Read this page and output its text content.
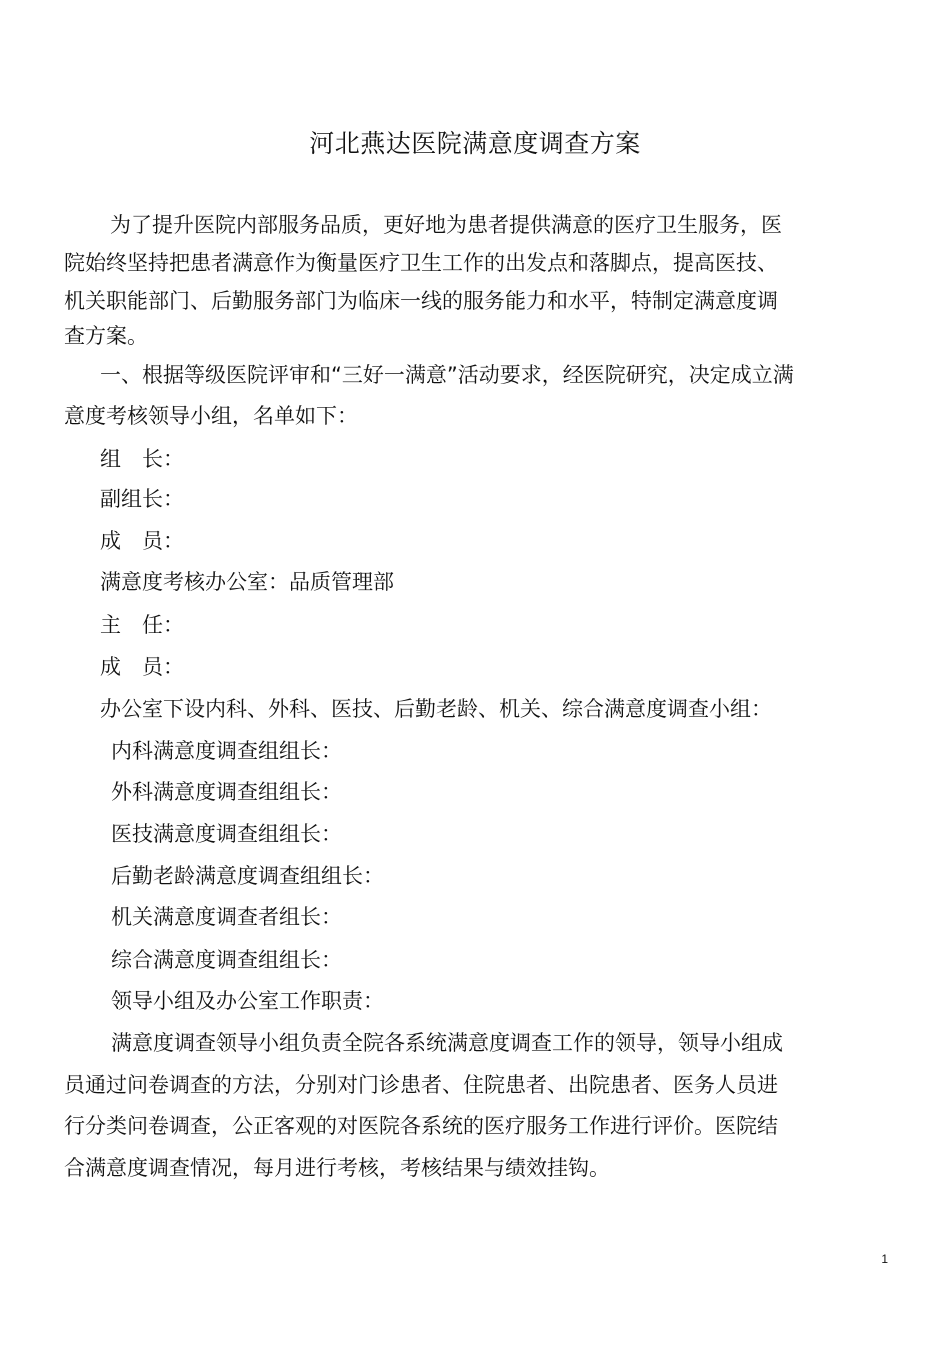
河北燕达医院满意度调查方案
为了提升医院内部服务品质，更好地为患者提供满意的医疗卫生服务，医
院始终坚持把患者满意作为衡量医疗卫生工作的出发点和落脚点，提高医技、
机关职能部门、后勤服务部门为临床一线的服务能力和水平，特制定满意度调
查方案。
一、根据等级医院评审和“三好一满意”活动要求，经医院研究，决定成立满
意度考核领导小组，名单如下：
组　长：
副组长：
成　员：
满意度考核办公室：品质管理部
主　任：
成　员：
办公室下设内科、外科、医技、后勤老龄、机关、综合满意度调查小组：
内科满意度调查组组长：
外科满意度调查组组长：
医技满意度调查组组长：
后勤老龄满意度调查组组长：
机关满意度调查者组长：
综合满意度调查组组长：
领导小组及办公室工作职责：
满意度调查领导小组负责全院各系统满意度调查工作的领导，领导小组成
员通过问卷调查的方法，分别对门诊患者、住院患者、出院患者、医务人员进
行分类问卷调查，公正客观的对医院各系统的医疗服务工作进行评价。医院结
合满意度调查情况，每月进行考核，考核结果与绩效挂钩。
1
